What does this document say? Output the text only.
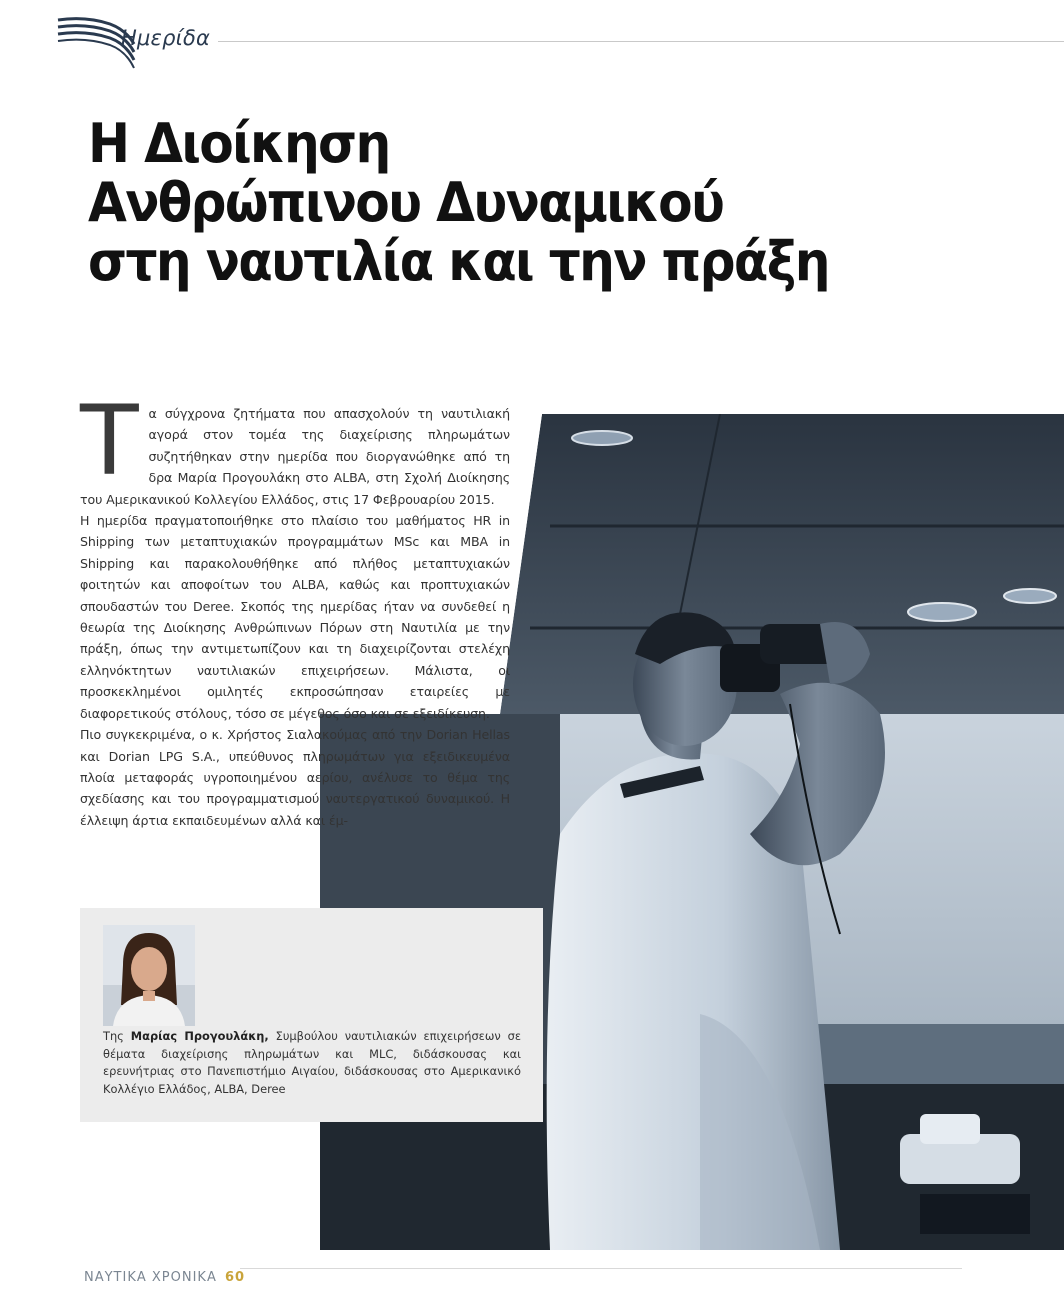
Ημερίδα
Η Διοίκηση
Ανθρώπινου Δυναμικού
στη ναυτιλία και την πράξη
Τ α σύγχρονα ζητήματα που απασχολούν τη ναυτιλιακή αγορά στον τομέα της διαχείρισης πληρωμάτων συζητήθηκαν στην ημερίδα που διοργανώθηκε από τη δρα Μαρία Προγουλάκη στο ALBA, στη Σχολή Διοίκησης του Αμερικανικού Κολλεγίου Ελλάδος, στις 17 Φεβρουαρίου 2015.

Η ημερίδα πραγματοποιήθηκε στο πλαίσιο του μαθήματος HR in Shipping των μεταπτυχιακών προγραμμάτων MSc και MBA in Shipping και παρακολουθήθηκε από πλήθος μεταπτυχιακών φοιτητών και αποφοίτων του ALBA, καθώς και προπτυχιακών σπουδαστών του Deree. Σκοπός της ημερίδας ήταν να συνδεθεί η θεωρία της Διοίκησης Ανθρώπινων Πόρων στη Ναυτιλία με την πράξη, όπως την αντιμετωπίζουν και τη διαχειρίζονται στελέχη ελληνόκτητων ναυτιλιακών επιχειρήσεων. Μάλιστα, οι προσκεκλημένοι ομιλητές εκπροσώπησαν εταιρείες με διαφορετικούς στόλους, τόσο σε μέγεθος όσο και σε εξειδίκευση.

Πιο συγκεκριμένα, ο κ. Χρήστος Σιαλακούμας από την Dorian Hellas και Dorian LPG S.A., υπεύθυνος πληρωμάτων για εξειδικευμένα πλοία μεταφοράς υγροποιημένου αερίου, ανέλυσε το θέμα της σχεδίασης και του προγραμματισμού ναυτεργατικού δυναμικού. Η έλλειψη άρτια εκπαιδευμένων αλλά και έμ-

Της Μαρίας Προγουλάκη, Συμβούλου ναυτιλιακών επιχειρήσεων σε θέματα διαχείρισης πληρωμάτων και MLC, διδάσκουσας και ερευνήτριας στο Πανεπιστήμιο Αιγαίου, διδάσκουσας στο Αμερικανικό Κολλέγιο Ελλάδος, ALBA, Deree
ΝΑΥΤΙΚΑ ΧΡΟΝΙΚΑ 60
